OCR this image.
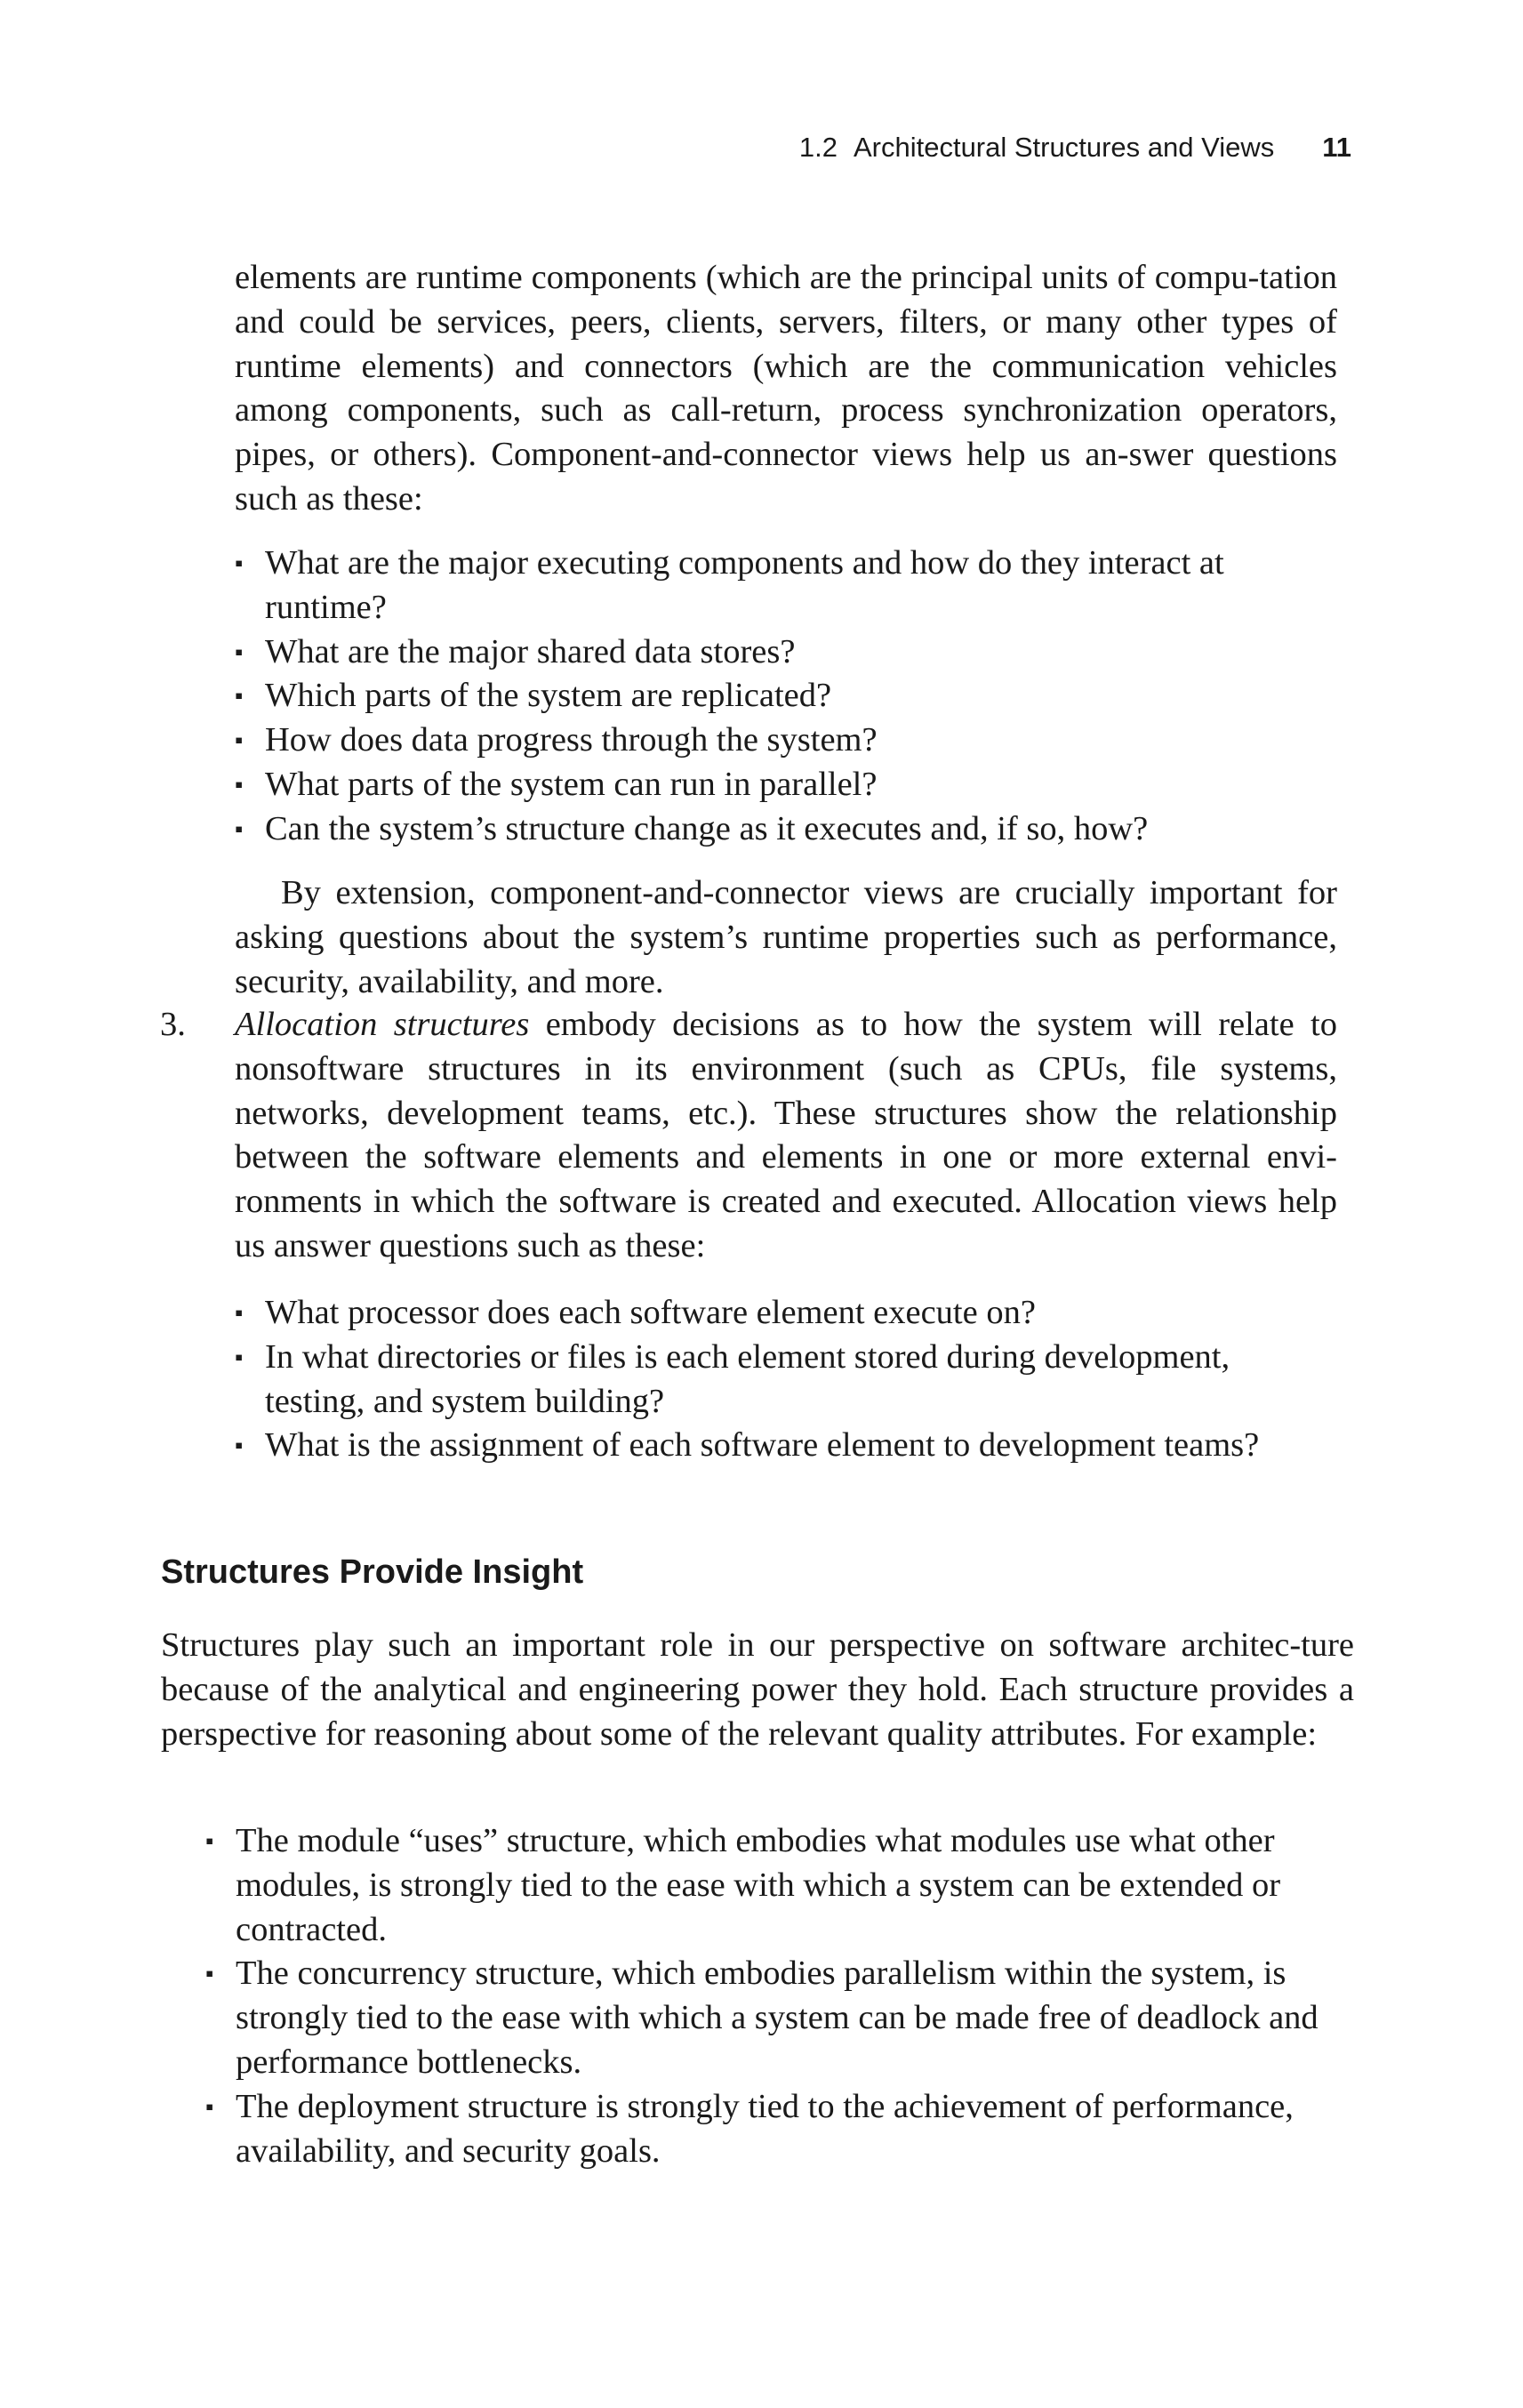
1.2 Architectural Structures and Views 11

elements are runtime components (which are the principal units of compu-tation and could be services, peers, clients, servers, filters, or many other types of runtime elements) and connectors (which are the communication vehicles among components, such as call-return, process synchronization operators, pipes, or others). Component-and-connector views help us an-swer questions such as these:

▪ What are the major executing components and how do they interact at runtime?
▪ What are the major shared data stores?
▪ Which parts of the system are replicated?
▪ How does data progress through the system?
▪ What parts of the system can run in parallel?
▪ Can the system’s structure change as it executes and, if so, how?

By extension, component-and-connector views are crucially important for asking questions about the system’s runtime properties such as performance, security, availability, and more.

3. Allocation structures embody decisions as to how the system will relate to nonsoftware structures in its environment (such as CPUs, file systems, networks, development teams, etc.). These structures show the relationship between the software elements and elements in one or more external envi-ronments in which the software is created and executed. Allocation views help us answer questions such as these:
▪ What processor does each software element execute on?
▪ In what directories or files is each element stored during development, testing, and system building?
▪ What is the assignment of each software element to development teams?
Structures Provide Insight

Structures play such an important role in our perspective on software architec-ture because of the analytical and engineering power they hold. Each structure provides a perspective for reasoning about some of the relevant quality attributes. For example:

▪ The module “uses” structure, which embodies what modules use what other modules, is strongly tied to the ease with which a system can be extended or contracted.
▪ The concurrency structure, which embodies parallelism within the system, is strongly tied to the ease with which a system can be made free of deadlock and performance bottlenecks.
▪ The deployment structure is strongly tied to the achievement of performance, availability, and security goals.
